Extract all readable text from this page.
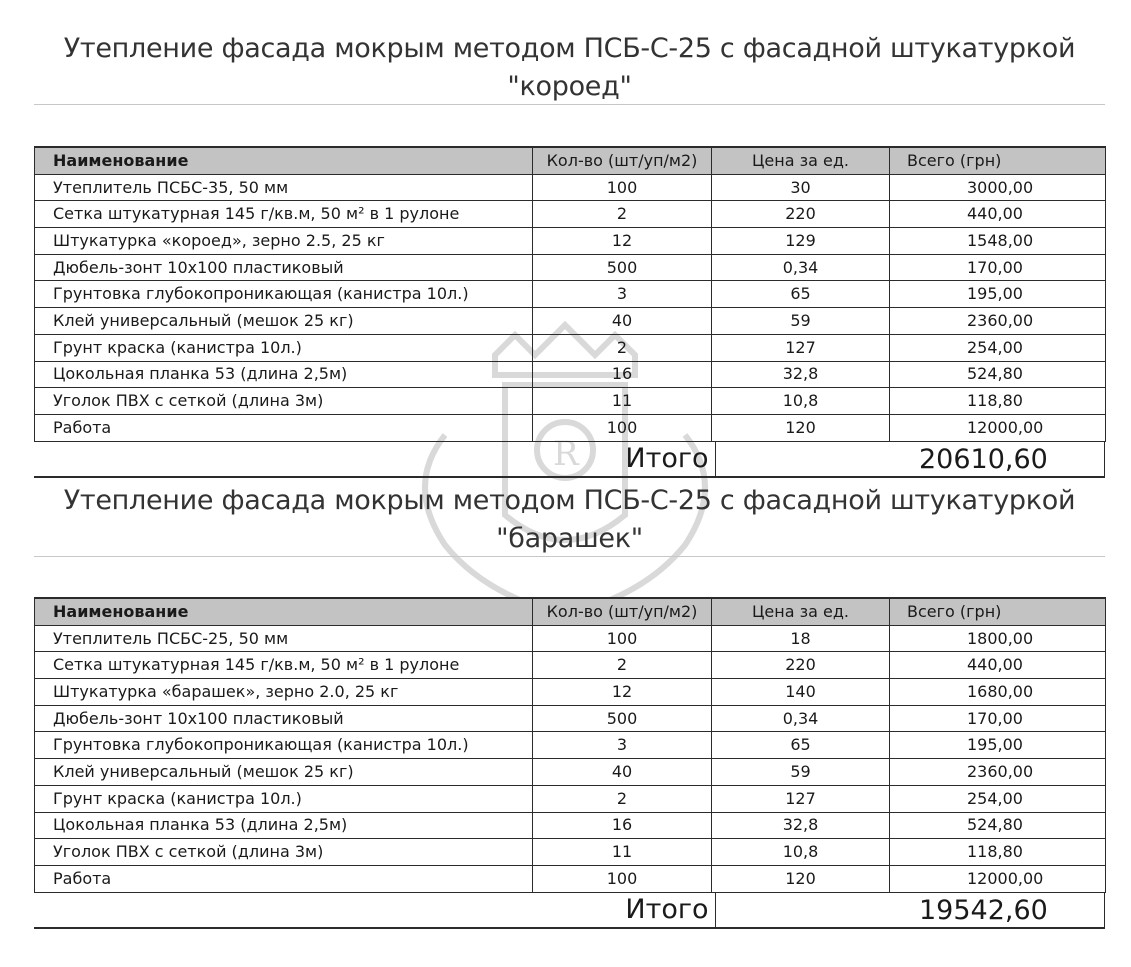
R
Утепление фасада мокрым методом ПСБ-С-25 с фасадной штукатуркой
"короед"
Наименование	Кол-во (шт/уп/м2)	Цена за ед.	Всего (грн)
Утеплитель ПСБС-35, 50 мм	100	30	3000,00
Сетка штукатурная 145 г/кв.м, 50 м² в 1 рулоне	2	220	440,00
Штукатурка «короед», зерно 2.5, 25 кг	12	129	1548,00
Дюбель-зонт 10х100 пластиковый	500	0,34	170,00
Грунтовка глубокопроникающая (канистра 10л.)	3	65	195,00
Клей универсальный (мешок 25 кг)	40	59	2360,00
Грунт краска (канистра 10л.)	2	127	254,00
Цокольная планка 53 (длина 2,5м)	16	32,8	524,80
Уголок ПВХ с сеткой (длина 3м)	11	10,8	118,80
Работа	100	120	12000,00
Итого	20610,60
Утепление фасада мокрым методом ПСБ-С-25 с фасадной штукатуркой
"барашек"
Наименование	Кол-во (шт/уп/м2)	Цена за ед.	Всего (грн)
Утеплитель ПСБС-25, 50 мм	100	18	1800,00
Сетка штукатурная 145 г/кв.м, 50 м² в 1 рулоне	2	220	440,00
Штукатурка «барашек», зерно 2.0, 25 кг	12	140	1680,00
Дюбель-зонт 10х100 пластиковый	500	0,34	170,00
Грунтовка глубокопроникающая (канистра 10л.)	3	65	195,00
Клей универсальный (мешок 25 кг)	40	59	2360,00
Грунт краска (канистра 10л.)	2	127	254,00
Цокольная планка 53 (длина 2,5м)	16	32,8	524,80
Уголок ПВХ с сеткой (длина 3м)	11	10,8	118,80
Работа	100	120	12000,00
Итого	19542,60
